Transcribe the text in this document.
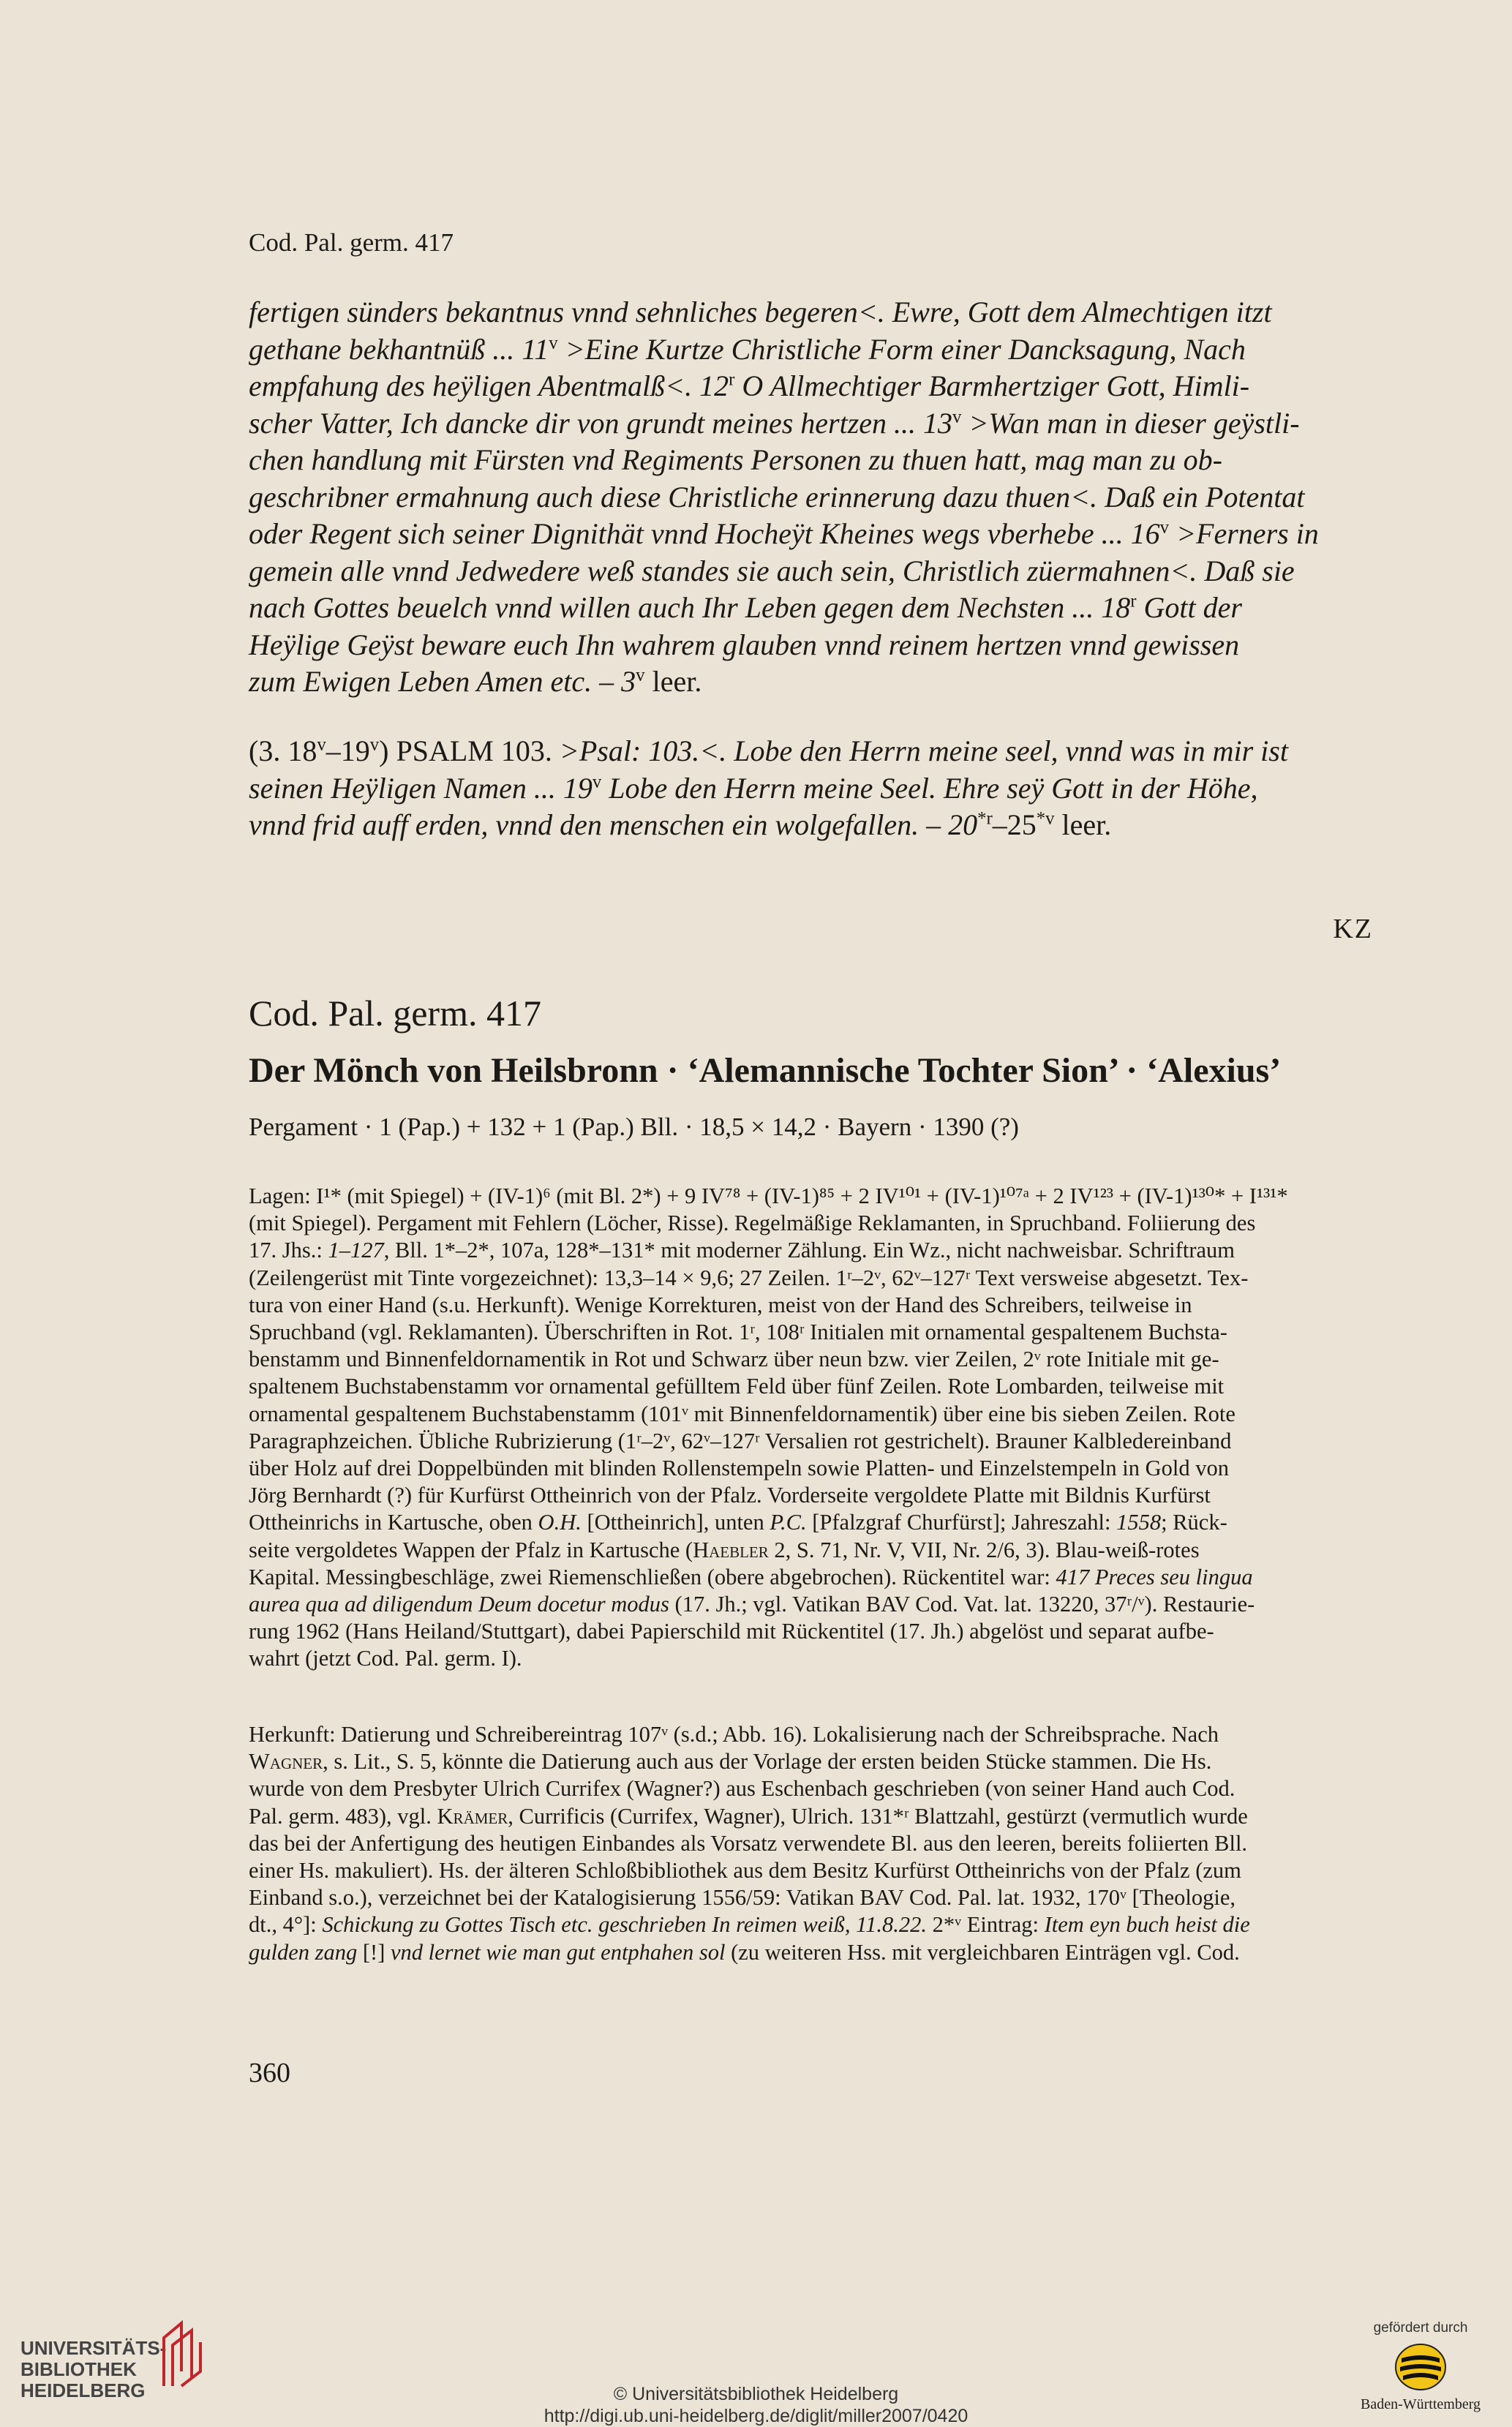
Cod. Pal. germ. 417
fertigen sünders bekantnus vnnd sehnliches begeren<. Ewre, Gott dem Almechtigen itzt
gethane bekhantnüß ... $11^v$ >Eine Kurtze Christliche Form einer Dancksagung, Nach
empfahung des heÿligen Abentmalß<. 12$^r$ O Allmechtiger Barmhertziger Gott, Himli-
scher Vatter, Ich dancke dir von grundt meines hertzen ... $13^v >Wan$ man in dieser geÿstli-
chen handlung mit Fürsten vnd Regiments Personen zu thuen hatt, mag man zu ob-
geschribner ermahnung auch diese Christliche erinnerung dazu thuen<. Daß ein Potentat
oder Regent sich seiner Dignithät vnnd Hocheÿt Kheines wegs vberhebe ... $16^v$ >Ferners in
gemein alle vnnd Jedwedere weß standes sie auch sein, Christlich züermahnen<. Daß sie
nach Gottes beuelch vnnd willen auch Ihr Leben gegen dem Nechsten ... 18$^r$ Gott der
Heÿlige Geÿst beware euch Ihn wahrem glauben vnnd reinem hertzen vnnd gewissen
zum Ewigen Leben Amen etc. – 3$^v$ leer.
(3. 18$^v$–19$^v$) PSALM 103. >Psal: 103.<. Lobe den Herrn meine seel, vnnd was in mir ist
seinen Heÿligen Namen ... 19$^v$ Lobe den Herrn meine Seel. Ehre seÿ Gott in der Höhe,
vnnd frid auff erden, vnnd den menschen ein wolgefallen. – 20$^{*r}$–25$^{*v}$ leer.
KZ
Cod. Pal. germ. 417
Der Mönch von Heilsbronn · ‘Alemannische Tochter Sion’ · ‘Alexius’
Pergament · 1 (Pap.) + 132 + 1 (Pap.) Bll. · 18,5 × 14,2 · Bayern · 1390 (?)
Lagen: I¹* (mit Spiegel) + (IV-1)⁶ (mit Bl. 2*) + 9 IV⁷⁸ + (IV-1)⁸⁵ + 2 IV¹⁰¹ + (IV-1)¹⁰⁷ᵃ + 2 IV¹²³ + (IV-1)¹³⁰* + I¹³¹*
(mit Spiegel). Pergament mit Fehlern (Löcher, Risse). Regelmäßige Reklamanten, in Spruchband. Foliierung des
17. Jhs.: 1–127, Bll. 1*–2*, 107a, 128*–131* mit moderner Zählung. Ein Wz., nicht nachweisbar. Schriftraum
(Zeilengerüst mit Tinte vorgezeichnet): 13,3–14 × 9,6; 27 Zeilen. 1ʳ–2ᵛ, 62ᵛ–127ʳ Text versweise abgesetzt. Tex-
tura von einer Hand (s.u. Herkunft). Wenige Korrekturen, meist von der Hand des Schreibers, teilweise in
Spruchband (vgl. Reklamanten). Überschriften in Rot. 1ʳ, 108ʳ Initialen mit ornamental gespaltenem Buchsta-
benstamm und Binnenfeldornamentik in Rot und Schwarz über neun bzw. vier Zeilen, 2ᵛ rote Initiale mit ge-
spaltenem Buchstabenstamm vor ornamental gefülltem Feld über fünf Zeilen. Rote Lombarden, teilweise mit
ornamental gespaltenem Buchstabenstamm (101ᵛ mit Binnenfeldornamentik) über eine bis sieben Zeilen. Rote
Paragraphzeichen. Übliche Rubrizierung (1ʳ–2ᵛ, 62ᵛ–127ʳ Versalien rot gestrichelt). Brauner Kalbledereinband
über Holz auf drei Doppelbünden mit blinden Rollenstempeln sowie Platten- und Einzelstempeln in Gold von
Jörg Bernhardt (?) für Kurfürst Ottheinrich von der Pfalz. Vorderseite vergoldete Platte mit Bildnis Kurfürst
Ottheinrichs in Kartusche, oben O.H. [Ottheinrich], unten P.C. [Pfalzgraf Churfürst]; Jahreszahl: 1558; Rück-
seite vergoldetes Wappen der Pfalz in Kartusche (Haebler 2, S. 71, Nr. V, VII, Nr. 2/6, 3). Blau-weiß-rotes
Kapital. Messingbeschläge, zwei Riemenschließen (obere abgebrochen). Rückentitel war: 417 Preces seu lingua
aurea qua ad diligendum Deum docetur modus (17. Jh.; vgl. Vatikan BAV Cod. Vat. lat. 13220, 37ʳ/ᵛ). Restaurie-
rung 1962 (Hans Heiland/Stuttgart), dabei Papierschild mit Rückentitel (17. Jh.) abgelöst und separat aufbe-
wahrt (jetzt Cod. Pal. germ. I).
Herkunft: Datierung und Schreibereintrag 107ᵛ (s.d.; Abb. 16). Lokalisierung nach der Schreibsprache. Nach
Wagner, s. Lit., S. 5, könnte die Datierung auch aus der Vorlage der ersten beiden Stücke stammen. Die Hs.
wurde von dem Presbyter Ulrich Currifex (Wagner?) aus Eschenbach geschrieben (von seiner Hand auch Cod.
Pal. germ. 483), vgl. Krämer, Currificis (Currifex, Wagner), Ulrich. 131*ʳ Blattzahl, gestürzt (vermutlich wurde
das bei der Anfertigung des heutigen Einbandes als Vorsatz verwendete Bl. aus den leeren, bereits foliierten Bll.
einer Hs. makuliert). Hs. der älteren Schloßbibliothek aus dem Besitz Kurfürst Ottheinrichs von der Pfalz (zum
Einband s.o.), verzeichnet bei der Katalogisierung 1556/59: Vatikan BAV Cod. Pal. lat. 1932, 170ᵛ [Theologie,
dt., 4°]: Schickung zu Gottes Tisch etc. geschrieben In reimen weiß, 11.8.22. 2*ᵛ Eintrag: Item eyn buch heist die
gulden zang [!] vnd lernet wie man gut entphahen sol (zu weiteren Hss. mit vergleichbaren Einträgen vgl. Cod.
360
UNIVERSITÄTS-
BIBLIOTHEK
HEIDELBERG	© Universitätsbibliothek Heidelberg
http://digi.ub.uni-heidelberg.de/diglit/miller2007/0420
gefördert durch
Baden-Württemberg
